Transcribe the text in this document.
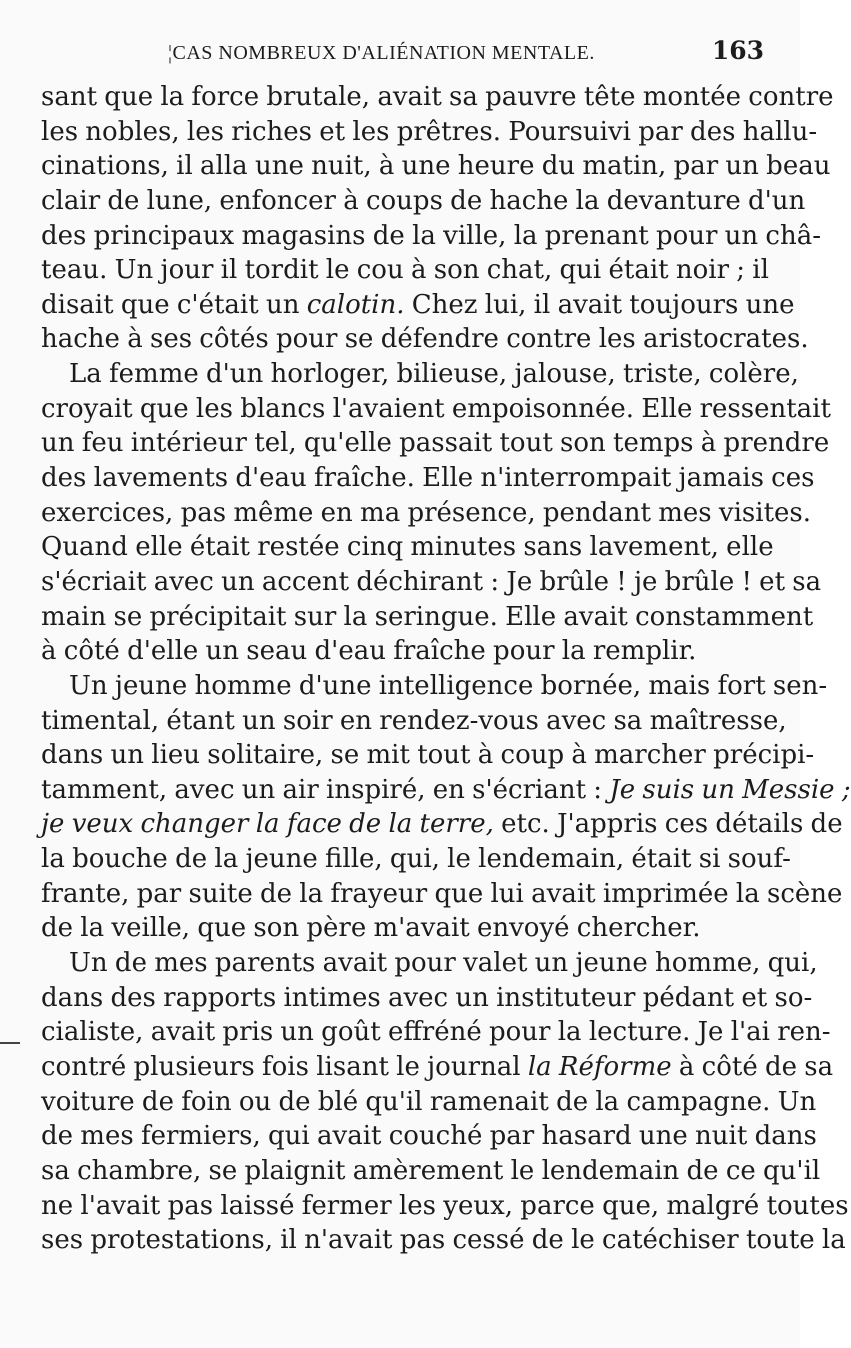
¦CAS NOMBREUX D'ALIÉNATION MENTALE.	163
sant que la force brutale, avait sa pauvre tête montée contre
les nobles, les riches et les prêtres. Poursuivi par des hallu-
cinations, il alla une nuit, à une heure du matin, par un beau
clair de lune, enfoncer à coups de hache la devanture d'un
des principaux magasins de la ville, la prenant pour un châ-
teau. Un jour il tordit le cou à son chat, qui était noir ; il
disait que c'était un calotin. Chez lui, il avait toujours une
hache à ses côtés pour se défendre contre les aristocrates.
La femme d'un horloger, bilieuse, jalouse, triste, colère,
croyait que les blancs l'avaient empoisonnée. Elle ressentait
un feu intérieur tel, qu'elle passait tout son temps à prendre
des lavements d'eau fraîche. Elle n'interrompait jamais ces
exercices, pas même en ma présence, pendant mes visites.
Quand elle était restée cinq minutes sans lavement, elle
s'écriait avec un accent déchirant : Je brûle ! je brûle ! et sa
main se précipitait sur la seringue. Elle avait constamment
à côté d'elle un seau d'eau fraîche pour la remplir.
Un jeune homme d'une intelligence bornée, mais fort sen-
timental, étant un soir en rendez-vous avec sa maîtresse,
dans un lieu solitaire, se mit tout à coup à marcher précipi-
tamment, avec un air inspiré, en s'écriant : Je suis un Messie ;
je veux changer la face de la terre, etc. J'appris ces détails de
la bouche de la jeune fille, qui, le lendemain, était si souf-
frante, par suite de la frayeur que lui avait imprimée la scène
de la veille, que son père m'avait envoyé chercher.
Un de mes parents avait pour valet un jeune homme, qui,
dans des rapports intimes avec un instituteur pédant et so-
cialiste, avait pris un goût effréné pour la lecture. Je l'ai ren-
contré plusieurs fois lisant le journal la Réforme à côté de sa
voiture de foin ou de blé qu'il ramenait de la campagne. Un
de mes fermiers, qui avait couché par hasard une nuit dans
sa chambre, se plaignit amèrement le lendemain de ce qu'il
ne l'avait pas laissé fermer les yeux, parce que, malgré toutes
ses protestations, il n'avait pas cessé de le catéchiser toute la
